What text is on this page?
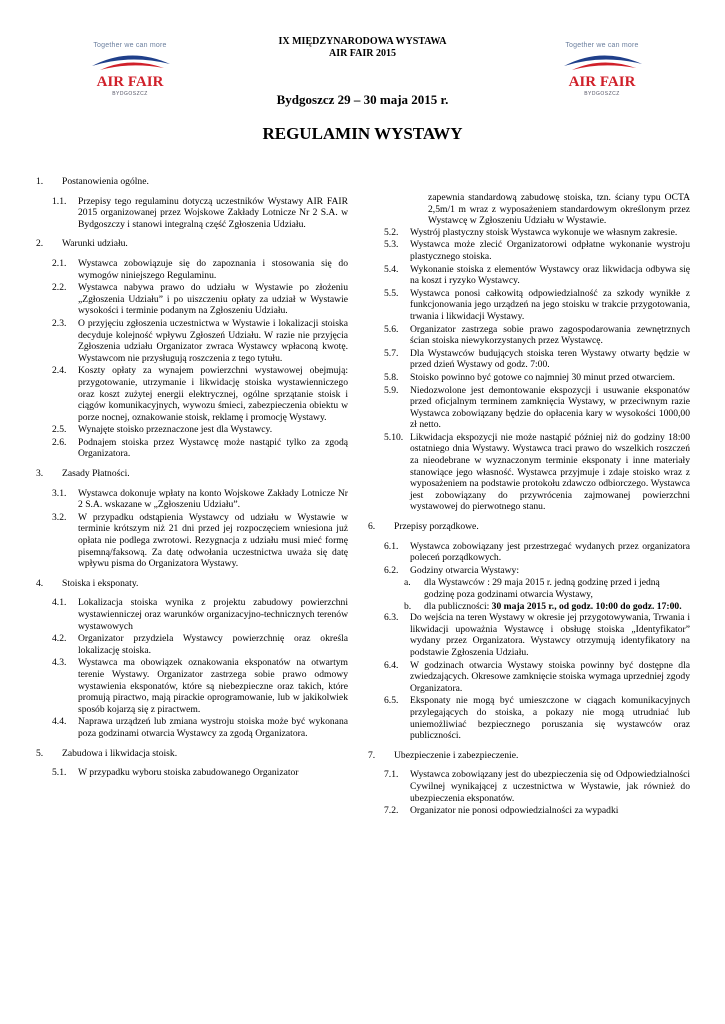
Together we can more
AIR FAIR
BYDGOSZCZ
Together we can more
AIR FAIR
BYDGOSZCZ
IX MIĘDZYNARODOWA WYSTAWA
AIR FAIR 2015
Bydgoszcz 29 – 30 maja 2015 r.
REGULAMIN WYSTAWY
1.	Postanowienia ogólne.
1.1.	Przepisy tego regulaminu dotyczą uczestników Wystawy AIR FAIR 2015 organizowanej przez Wojskowe Zakłady Lotnicze Nr 2 S.A. w Bydgoszczy i stanowi integralną część Zgłoszenia Udziału.
2.	Warunki udziału.
2.1.	Wystawca zobowiązuje się do zapoznania i stosowania się do wymogów niniejszego Regulaminu.
2.2.	Wystawca nabywa prawo do udziału w Wystawie po złożeniu „Zgłoszenia Udziału” i po uiszczeniu opłaty za udział w Wystawie wysokości i terminie podanym na Zgłoszeniu Udziału.
2.3.	O przyjęciu zgłoszenia uczestnictwa w Wystawie i lokalizacji stoiska decyduje kolejność wpływu Zgłoszeń Udziału. W razie nie przyjęcia Zgłoszenia udziału Organizator zwraca Wystawcy wpłaconą kwotę. Wystawcom nie przysługują roszczenia z tego tytułu.
2.4.	Koszty opłaty za wynajem powierzchni wystawowej obejmują: przygotowanie, utrzymanie i likwidację stoiska wystawienniczego oraz koszt zużytej energii elektrycznej, ogólne sprzątanie stoisk i ciągów komunikacyjnych, wywozu śmieci, zabezpieczenia obiektu w porze nocnej, oznakowanie stoisk, reklamę i promocję Wystawy.
2.5.	Wynajęte stoisko przeznaczone jest dla Wystawcy.
2.6.	Podnajem stoiska przez Wystawcę może nastąpić tylko za zgodą Organizatora.
3.	Zasady Płatności.
3.1.	Wystawca dokonuje wpłaty na konto Wojskowe Zakłady Lotnicze Nr 2 S.A. wskazane w „Zgłoszeniu Udziału”.
3.2.	W przypadku odstąpienia Wystawcy od udziału w Wystawie w terminie krótszym niż 21 dni przed jej rozpoczęciem wniesiona już opłata nie podlega zwrotowi. Rezygnacja z udziału musi mieć formę pisemną/faksową. Za datę odwołania uczestnictwa uważa się datę wpływu pisma do Organizatora Wystawy.
4.	Stoiska i eksponaty.
4.1.	Lokalizacja stoiska wynika z projektu zabudowy powierzchni wystawienniczej oraz warunków organizacyjno-technicznych terenów wystawowych
4.2.	Organizator przydziela Wystawcy powierzchnię oraz określa lokalizację stoiska.
4.3.	Wystawca ma obowiązek oznakowania eksponatów na otwartym terenie Wystawy. Organizator zastrzega sobie prawo odmowy wystawienia eksponatów, które są niebezpieczne oraz takich, które promują piractwo, mają pirackie oprogramowanie, lub w jakikolwiek sposób kojarzą się z piractwem.
4.4.	Naprawa urządzeń lub zmiana wystroju stoiska może być wykonana poza godzinami otwarcia Wystawcy za zgodą Organizatora.
5.	Zabudowa i likwidacja stoisk.
5.1.	W przypadku wyboru stoiska zabudowanego Organizator
zapewnia standardową zabudowę stoiska, tzn. ściany typu OCTA 2,5m/1 m wraz z wyposażeniem standardowym określonym przez Wystawcę w Zgłoszeniu Udziału w Wystawie.
5.2.	Wystrój plastyczny stoisk Wystawca wykonuje we własnym zakresie.
5.3.	Wystawca może zlecić Organizatorowi odpłatne wykonanie wystroju plastycznego stoiska.
5.4.	Wykonanie stoiska z elementów Wystawcy oraz likwidacja odbywa się na koszt i ryzyko Wystawcy.
5.5.	Wystawca ponosi całkowitą odpowiedzialność za szkody wynikłe z funkcjonowania jego urządzeń na jego stoisku w trakcie przygotowania, trwania i likwidacji Wystawy.
5.6.	Organizator zastrzega sobie prawo zagospodarowania zewnętrznych ścian stoiska niewykorzystanych przez Wystawcę.
5.7.	Dla Wystawców budujących stoiska teren Wystawy otwarty będzie w przed dzień Wystawy od godz. 7:00.
5.8.	Stoisko powinno być gotowe co najmniej 30 minut przed otwarciem.
5.9.	Niedozwolone jest demontowanie ekspozycji i usuwanie eksponatów przed oficjalnym terminem zamknięcia Wystawy, w przeciwnym razie Wystawca zobowiązany będzie do opłacenia kary w wysokości 1000,00 zł netto.
5.10. Likwidacja ekspozycji nie może nastąpić później niż do godziny 18:00 ostatniego dnia Wystawy. Wystawca traci prawo do wszelkich roszczeń za nieodebrane w wyznaczonym terminie eksponaty i inne materiały stanowiące jego własność. Wystawca przyjmuje i zdaje stoisko wraz z wyposażeniem na podstawie protokołu zdawczo odbiorczego. Wystawca jest zobowiązany do przywrócenia zajmowanej powierzchni wystawowej do pierwotnego stanu.
6.	Przepisy porządkowe.
6.1.	Wystawca zobowiązany jest przestrzegać wydanych przez organizatora poleceń porządkowych.
6.2.	Godziny otwarcia Wystawy:
a.	dla Wystawców : 29 maja 2015 r. jedną godzinę przed i jedną godzinę poza godzinami otwarcia Wystawy,
b.	dla publiczności: 30 maja 2015 r., od godz. 10:00 do godz. 17:00.
6.3.	Do wejścia na teren Wystawy w okresie jej przygotowywania, Trwania i likwidacji upoważnia Wystawcę i obsługę stoiska „Identyfikator” wydany przez Organizatora. Wystawcy otrzymują identyfikatory na podstawie Zgłoszenia Udziału.
6.4.	W godzinach otwarcia Wystawy stoiska powinny być dostępne dla zwiedzających. Okresowe zamknięcie stoiska wymaga uprzedniej zgody Organizatora.
6.5.	Eksponaty nie mogą być umieszczone w ciągach komunikacyjnych przylegających do stoiska, a pokazy nie mogą utrudniać lub uniemożliwiać bezpiecznego poruszania się wystawców oraz publiczności.
7.	Ubezpieczenie i zabezpieczenie.
7.1.	Wystawca zobowiązany jest do ubezpieczenia się od Odpowiedzialności Cywilnej wynikającej z uczestnictwa w Wystawie, jak również do ubezpieczenia eksponatów.
7.2.	Organizator nie ponosi odpowiedzialności za wypadki
